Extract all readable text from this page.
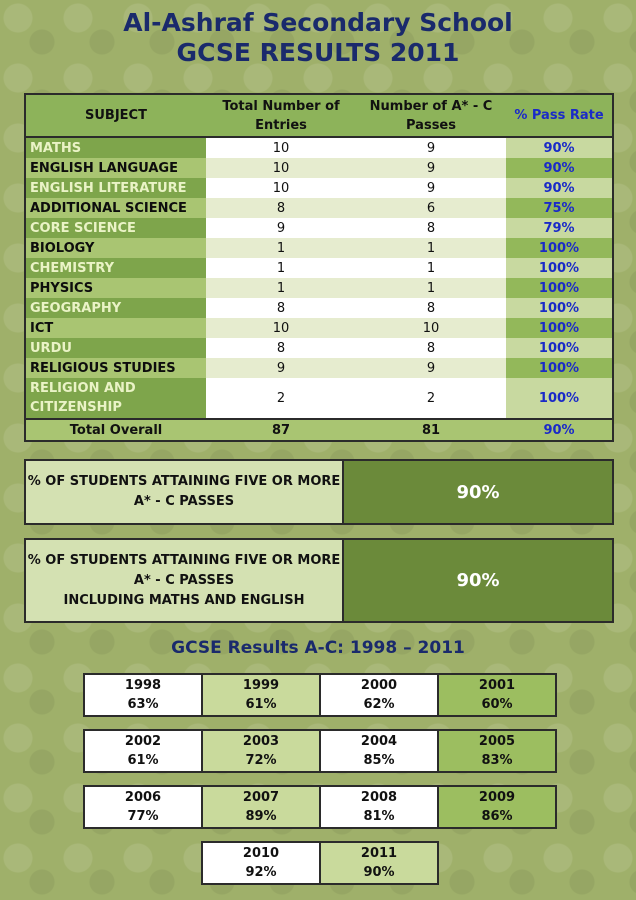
Al-Ashraf Secondary School
GCSE RESULTS 2011
SUBJECT	Total Number of Entries	Number of A* - C Passes	% Pass Rate
MATHS	10	9	90%
ENGLISH LANGUAGE	10	9	90%
ENGLISH LITERATURE	10	9	90%
ADDITIONAL SCIENCE	8	6	75%
CORE SCIENCE	9	8	79%
BIOLOGY	1	1	100%
CHEMISTRY	1	1	100%
PHYSICS	1	1	100%
GEOGRAPHY	8	8	100%
ICT	10	10	100%
URDU	8	8	100%
RELIGIOUS STUDIES	9	9	100%
RELIGION AND CITIZENSHIP	2	2	100%
Total Overall	87	81	90%
% OF STUDENTS ATTAINING FIVE OR MORE
A* - C PASSES	90%
% OF STUDENTS ATTAINING FIVE OR MORE
A* - C PASSES
INCLUDING MATHS AND ENGLISH
90%
GCSE Results A-C: 1998 – 2011
1998
63%
1999
61%
2000
62%
2001
60%
2002
61%
2003
72%
2004
85%
2005
83%
2006
77%
2007
89%
2008
81%
2009
86%
2010
92%
2011
90%
